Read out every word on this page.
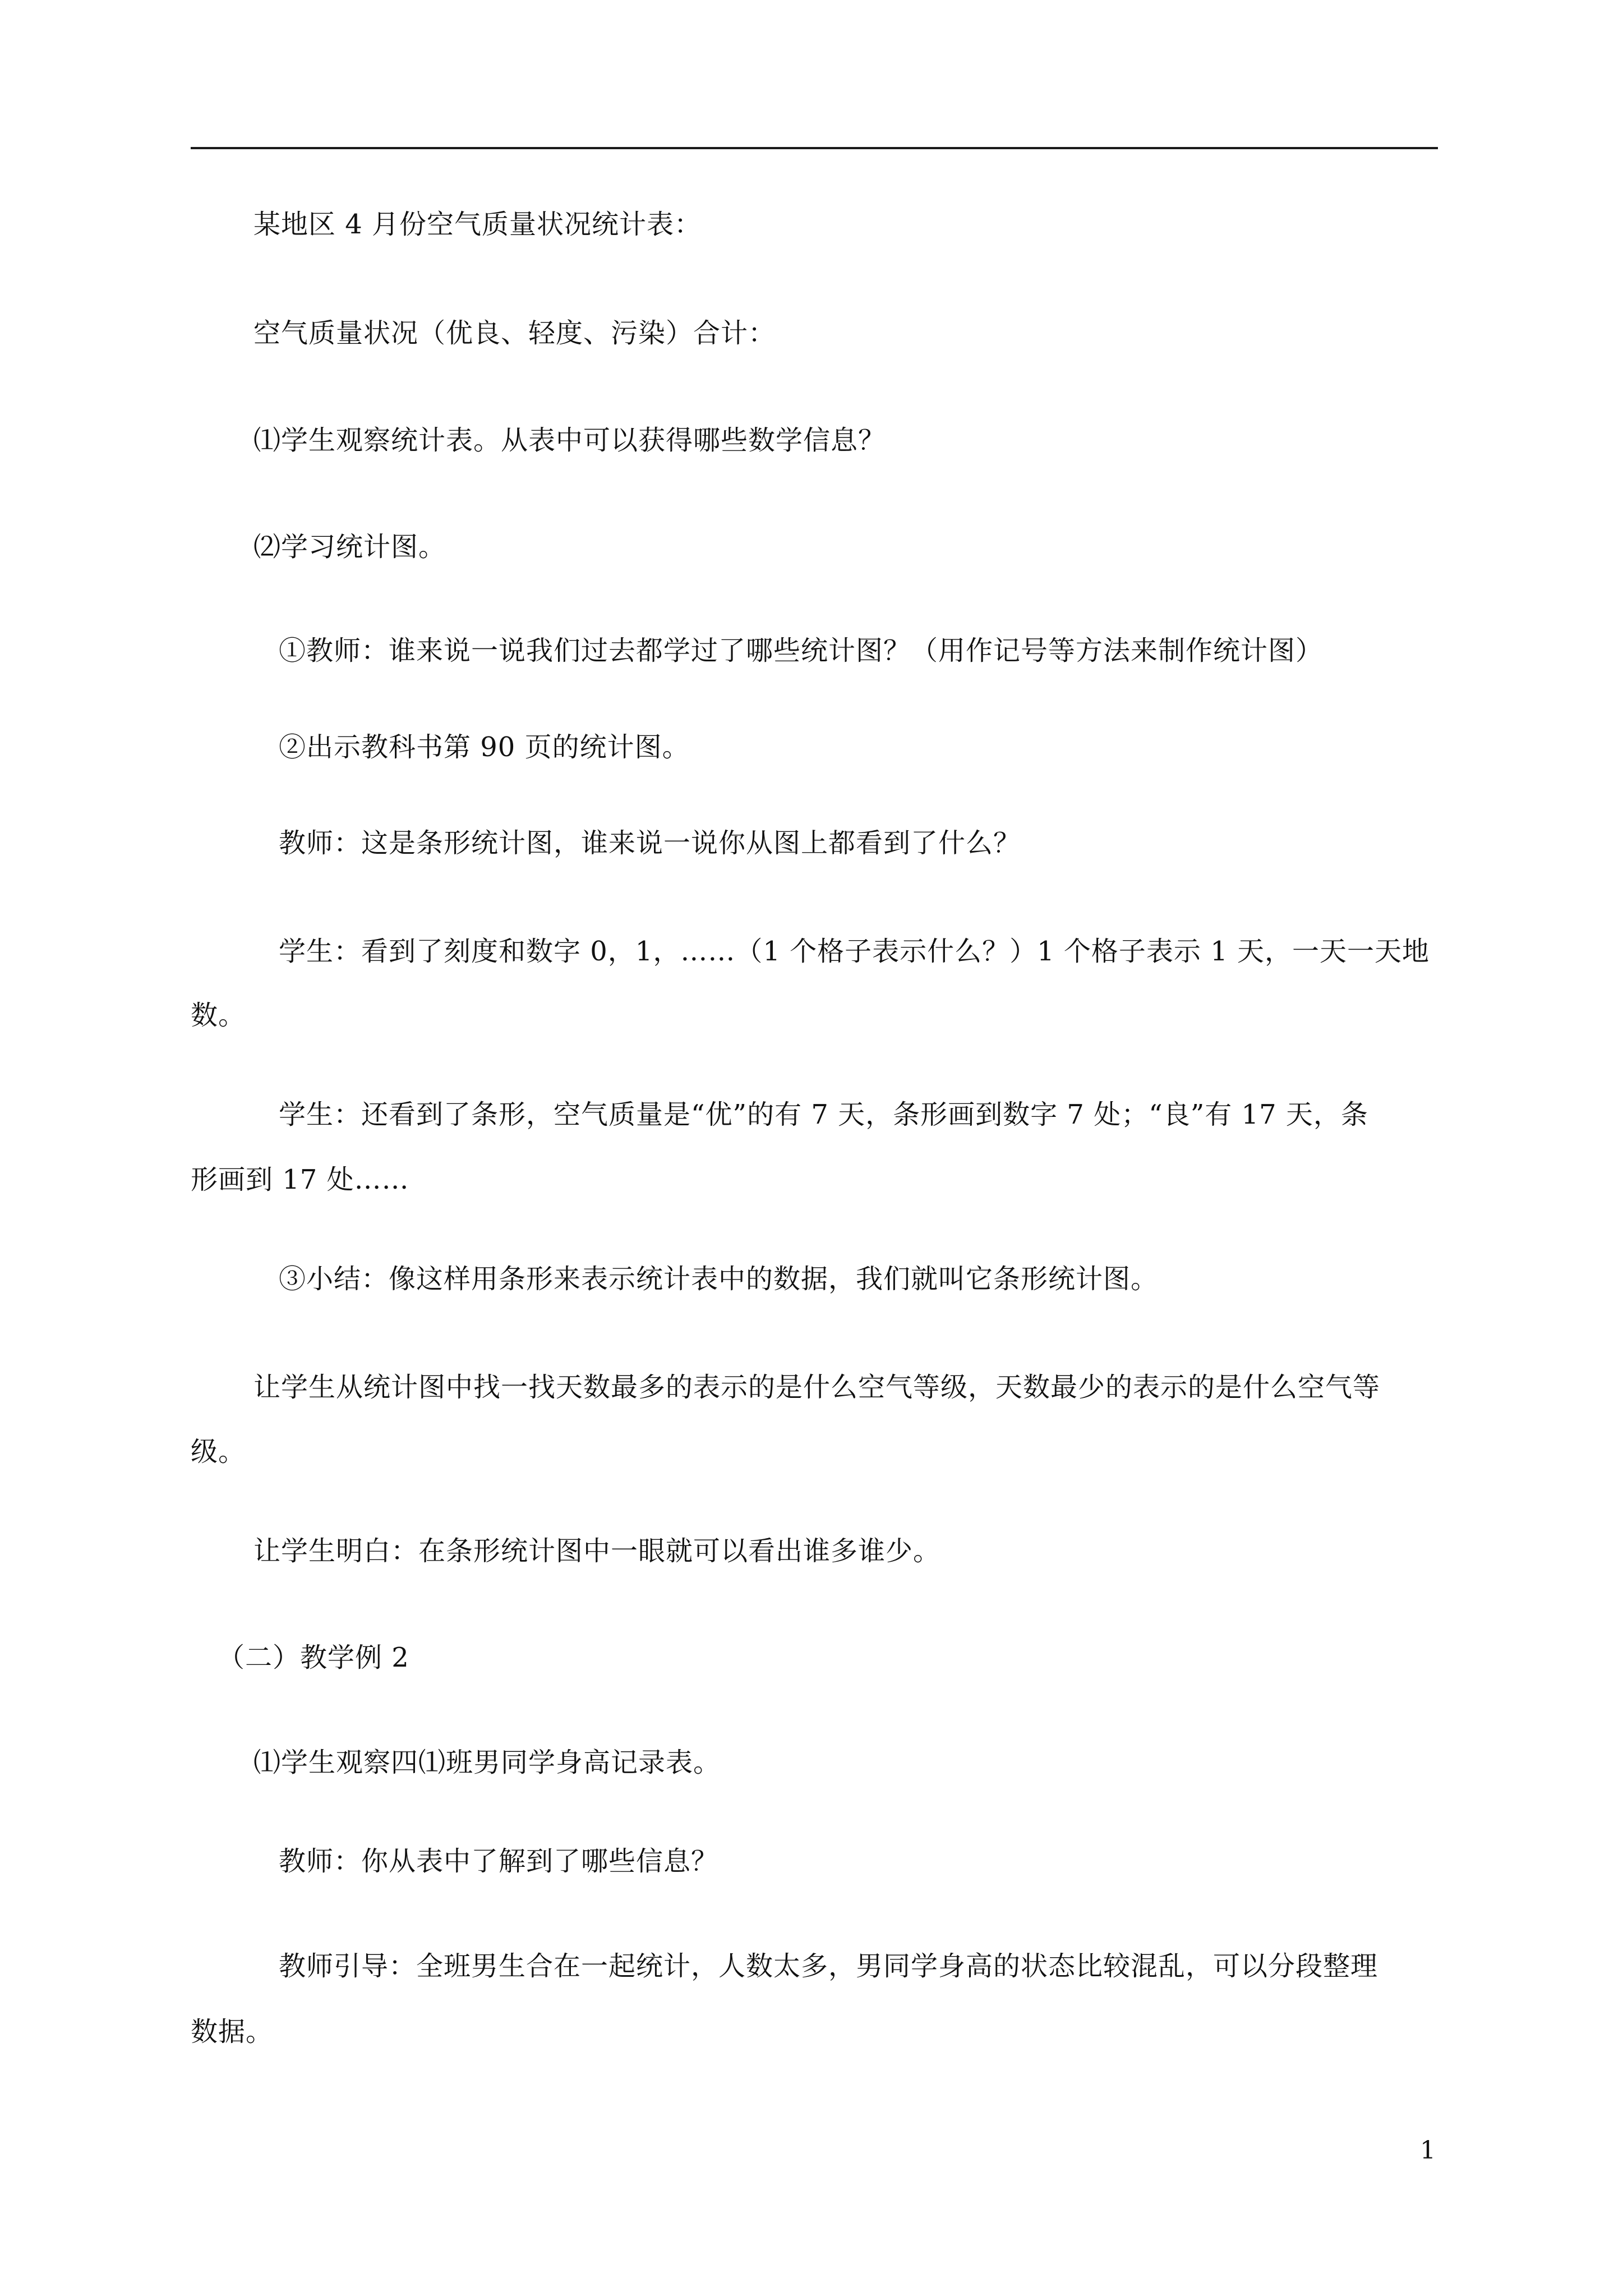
某地区 4 月份空气质量状况统计表：
空气质量状况（优良、轻度、污染）合计：
⑴学生观察统计表。从表中可以获得哪些数学信息？
⑵学习统计图。
①教师：谁来说一说我们过去都学过了哪些统计图？（用作记号等方法来制作统计图）
②出示教科书第 90 页的统计图。
教师：这是条形统计图，谁来说一说你从图上都看到了什么？
学生：看到了刻度和数字 0，1，……（1 个格子表示什么？）1 个格子表示 1 天，一天一天地
数。
学生：还看到了条形，空气质量是“优”的有 7 天，条形画到数字 7 处；“良”有 17 天，条
形画到 17 处……
③小结：像这样用条形来表示统计表中的数据，我们就叫它条形统计图。
让学生从统计图中找一找天数最多的表示的是什么空气等级，天数最少的表示的是什么空气等
级。
让学生明白：在条形统计图中一眼就可以看出谁多谁少。
（二）教学例 2
⑴学生观察四⑴班男同学身高记录表。
教师：你从表中了解到了哪些信息？
教师引导：全班男生合在一起统计，人数太多，男同学身高的状态比较混乱，可以分段整理
数据。
1
